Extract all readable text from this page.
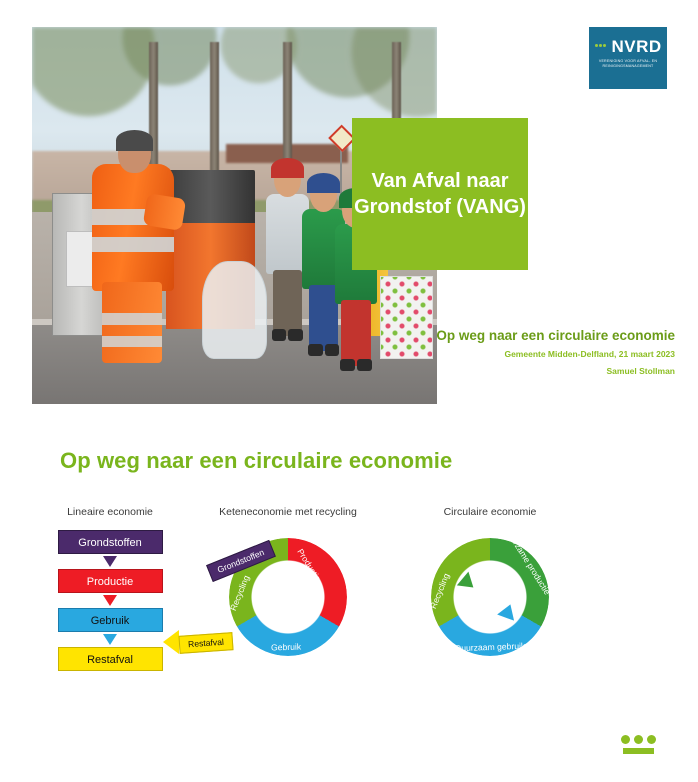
NVRD
VERENIGING VOOR AFVAL- EN REINIGINGSMANAGEMENT
Van Afval naar Grondstof (VANG)

Op weg naar een circulaire economie

Gemeente Midden-Delfland, 21 maart 2023

Samuel Stollman

Op weg naar een circulaire economie
Lineaire economie
Grondstoffen
Productie
Gebruik
Restafval
Keteneconomie met recycling
Productie
Gebruik
Recycling
Grondstoffen
Restafval
Circulaire economie
Duurzame productie
Duurzaam gebruik
Recycling
